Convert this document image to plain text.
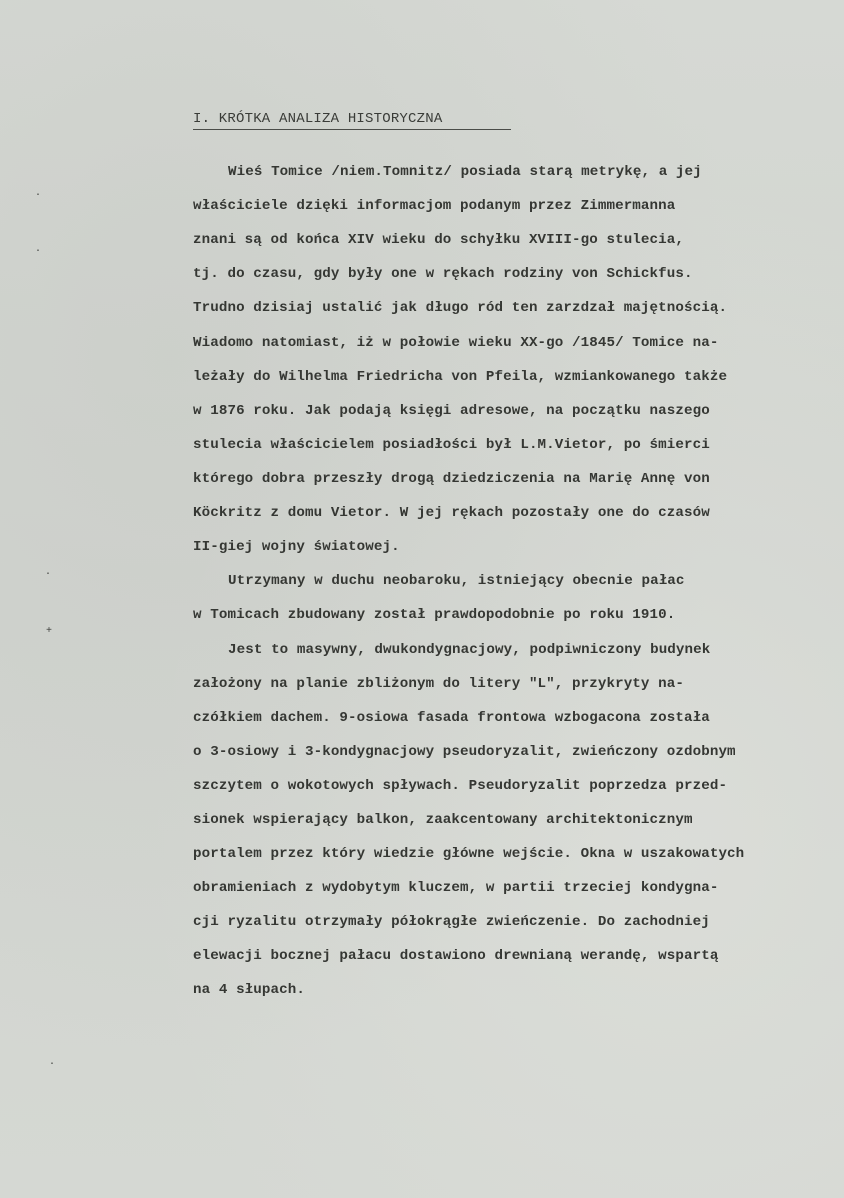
I. KRÓTKA ANALIZA HISTORYCZNA
Wieś Tomice /niem.Tomnitz/ posiada starą metrykę, a jej
właściciele dzięki informacjom podanym przez Zimmermanna
znani są od końca XIV wieku do schyłku XVIII-go stulecia,
tj. do czasu, gdy były one w rękach rodziny von Schickfus.
Trudno dzisiaj ustalić jak długo ród ten zarzdzał majętnością.
Wiadomo natomiast, iż w połowie wieku XX-go /1845/ Tomice na-
leżały do Wilhelma Friedricha von Pfeila, wzmiankowanego także
w 1876 roku. Jak podają księgi adresowe, na początku naszego
stulecia właścicielem posiadłości był L.M.Vietor, po śmierci
którego dobra przeszły drogą dziedziczenia na Marię Annę von
Köckritz z domu Vietor. W jej rękach pozostały one do czasów
II-giej wojny światowej.
Utrzymany w duchu neobaroku, istniejący obecnie pałac
w Tomicach zbudowany został prawdopodobnie po roku 1910.
Jest to masywny, dwukondygnacjowy, podpiwniczony budynek
założony na planie zbliżonym do litery "L", przykryty na-
czółkiem dachem. 9-osiowa fasada frontowa wzbogacona została
o 3-osiowy i 3-kondygnacjowy pseudoryzalit, zwieńczony ozdobnym
szczytem o wokotowych spływach. Pseudoryzalit poprzedza przed-
sionek wspierający balkon, zaakcentowany architektonicznym
portalem przez który wiedzie główne wejście. Okna w uszakowatych
obramieniach z wydobytym kluczem, w partii trzeciej kondygna-
cji ryzalitu otrzymały półokrągłe zwieńczenie. Do zachodniej
elewacji bocznej pałacu dostawiono drewnianą werandę, wspartą
na 4 słupach.
·
·
·
+
·
